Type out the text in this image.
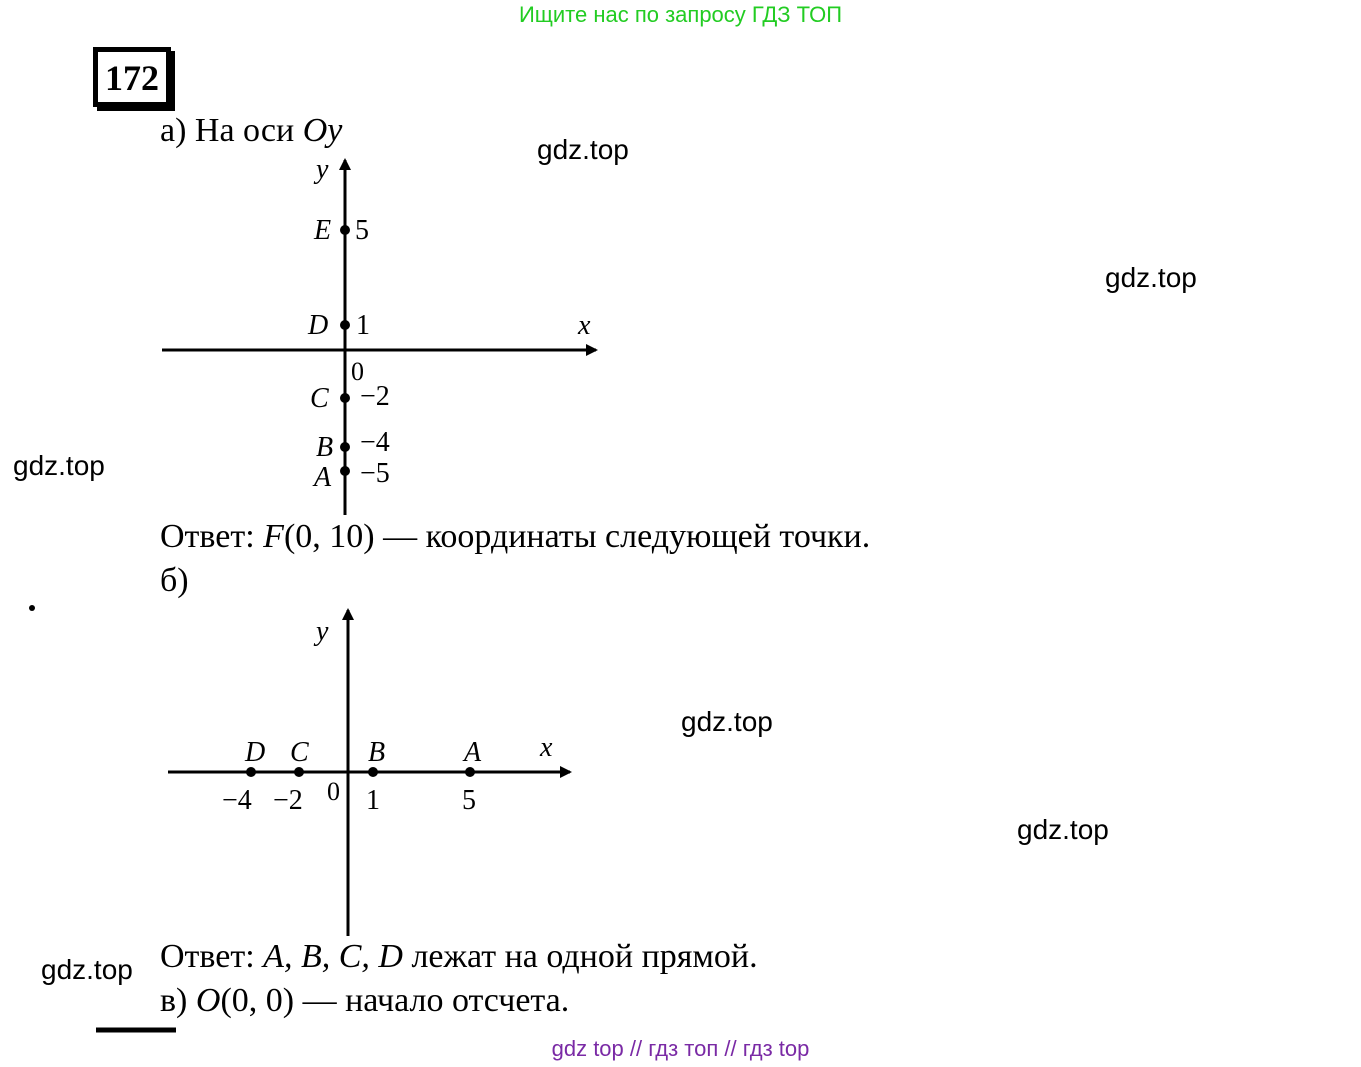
Ищите нас по запросу ГДЗ ТОП
172
а) На оси Oy
x
y
0
E 5
D 1
C −2
B −4
A −5
Ответ: F(0, 10) — координаты следующей точки.
б)
x
y
0
D
−4
C
−2
B
1
A
5
Ответ: A, B, C, D лежат на одной прямой.
в) O(0, 0) — начало отсчета.
gdz.top
gdz.top
gdz.top
gdz.top
gdz.top
gdz.top
gdz top // гдз топ // гдз top
